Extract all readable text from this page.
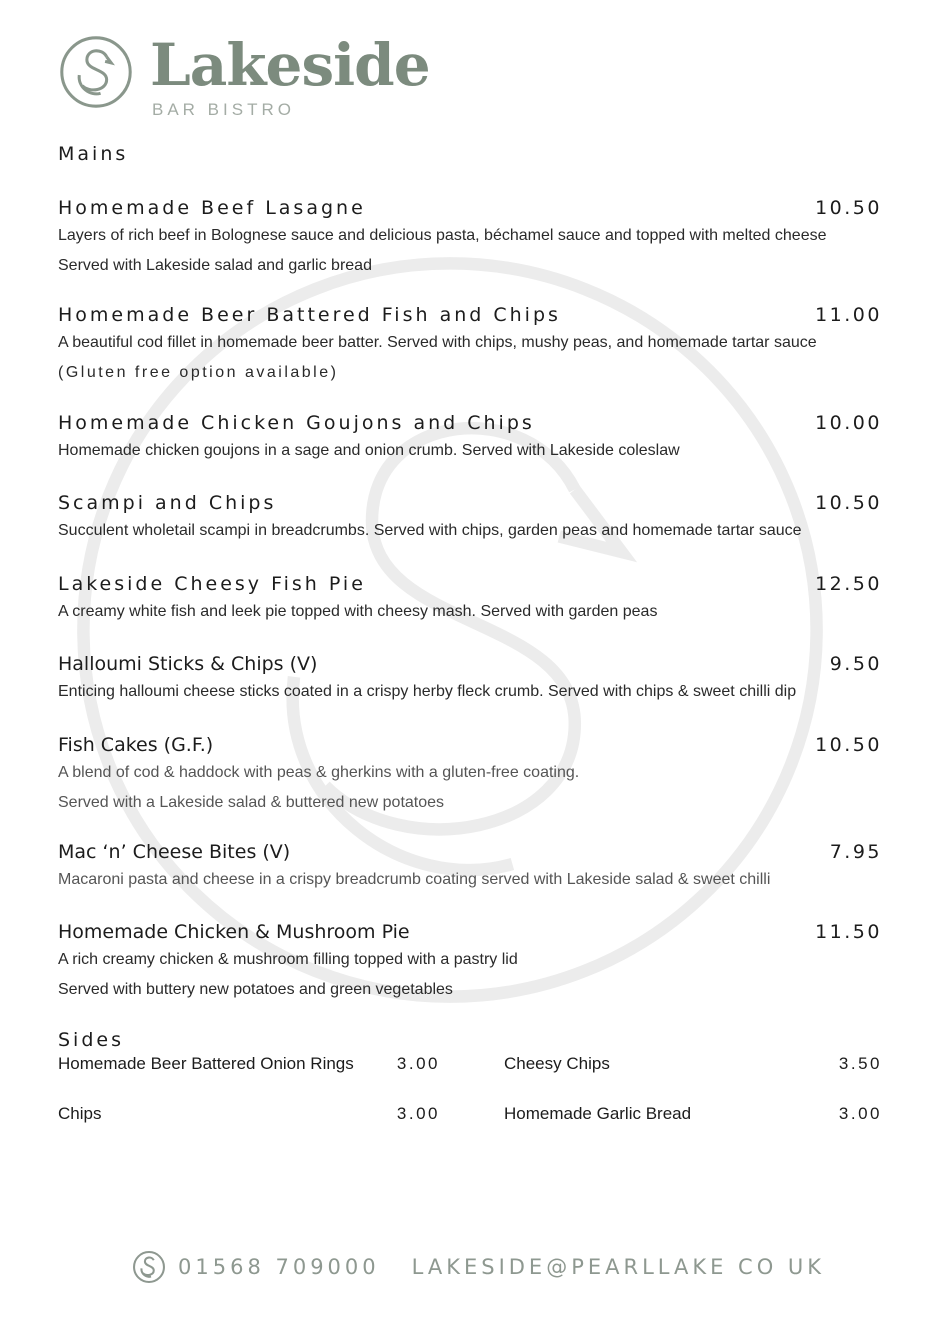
Lakeside
BAR BISTRO
Mains
Homemade Beef Lasagne	10.50
Layers of rich beef in Bolognese sauce and delicious pasta, béchamel sauce and topped with melted cheese
Served with Lakeside salad and garlic bread
Homemade Beer Battered Fish and Chips	11.00
A beautiful cod fillet in homemade beer batter. Served with chips, mushy peas, and homemade tartar sauce
(Gluten free option available)
Homemade Chicken Goujons and Chips	10.00
Homemade chicken goujons in a sage and onion crumb. Served with Lakeside coleslaw
Scampi and Chips	10.50
Succulent wholetail scampi in breadcrumbs. Served with chips, garden peas and homemade tartar sauce
Lakeside Cheesy Fish Pie	12.50
A creamy white fish and leek pie topped with cheesy mash. Served with garden peas
Halloumi Sticks & Chips (V)	9.50
Enticing halloumi cheese sticks coated in a crispy herby fleck crumb. Served with chips & sweet chilli dip
Fish Cakes (G.F.)	10.50
A blend of cod & haddock with peas & gherkins with a gluten-free coating.
Served with a Lakeside salad & buttered new potatoes
Mac ‘n’ Cheese Bites (V)	7.95
Macaroni pasta and cheese in a crispy breadcrumb coating served with Lakeside salad & sweet chilli
Homemade Chicken & Mushroom Pie	11.50
A rich creamy chicken & mushroom filling topped with a pastry lid
Served with buttery new potatoes and green vegetables
Sides
Homemade Beer Battered Onion Rings	3.00	Cheesy Chips	3.50
Chips	3.00	Homemade Garlic Bread	3.00
01568 709000 LAKESIDE@PEARLLAKE CO UK
